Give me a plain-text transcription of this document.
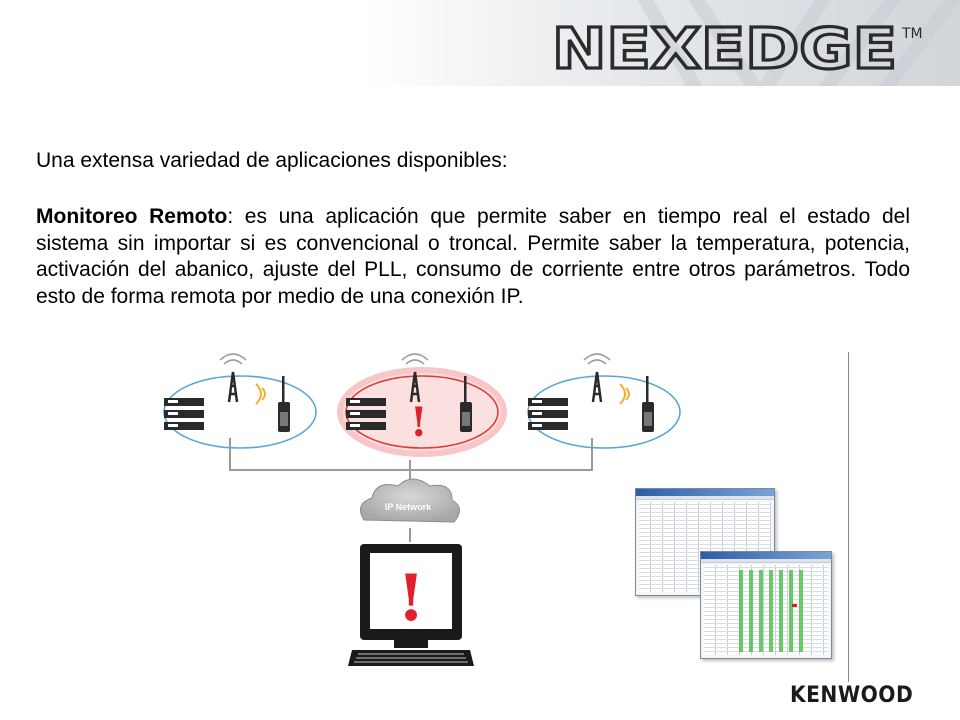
NEXEDGE TM
Una extensa variedad de aplicaciones disponibles:
Monitoreo Remoto: es una aplicación que permite saber en tiempo real el estado del sistema sin importar si es convencional o troncal. Permite saber la temperatura, potencia, activación del abanico, ajuste del PLL, consumo de corriente entre otros parámetros. Todo esto de forma remota por medio de una conexión IP.
!
IP Network
!
KENWOOD
